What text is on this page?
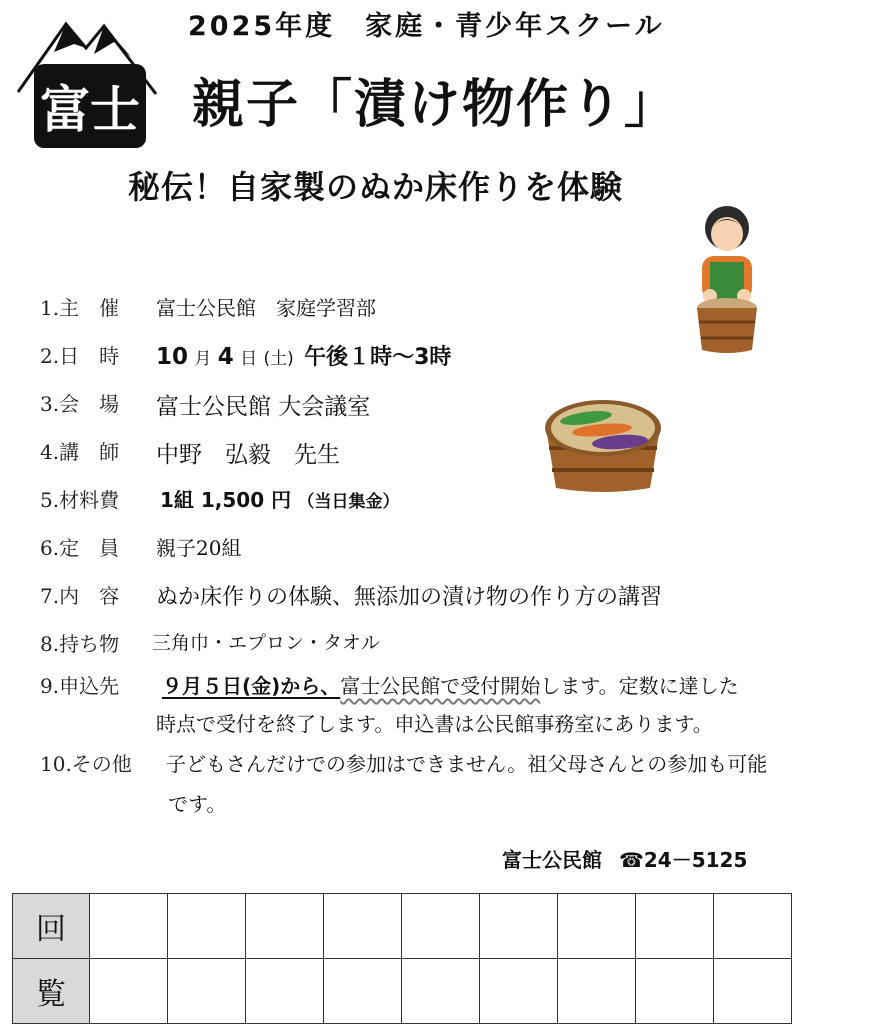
富士
2025年度　家庭・青少年スクール
親子「漬け物作り」
秘伝！自家製のぬか床作りを体験
1.主　催 富士公民館　家庭学習部
2.日　時 10 月 4 日 (土) 午後１時～3時
3.会　場 富士公民館 大会議室
4.講　師 中野　弘毅　先生
5.材料費 1組 1,500 円 （当日集金）
6.定　員 親子20組
7.内　容 ぬか床作りの体験、無添加の漬け物の作り方の講習
8.持ち物 三角巾・エプロン・タオル
9.申込先 ９月５日(金)から、富士公民館で受付開始します。定数に達した
時点で受付を終了します。申込書は公民館事務室にあります。
10.その他 子どもさんだけでの参加はできません。祖父母さんとの参加も可能
です。
富士公民館 ☎24－5125
回									
覧									
